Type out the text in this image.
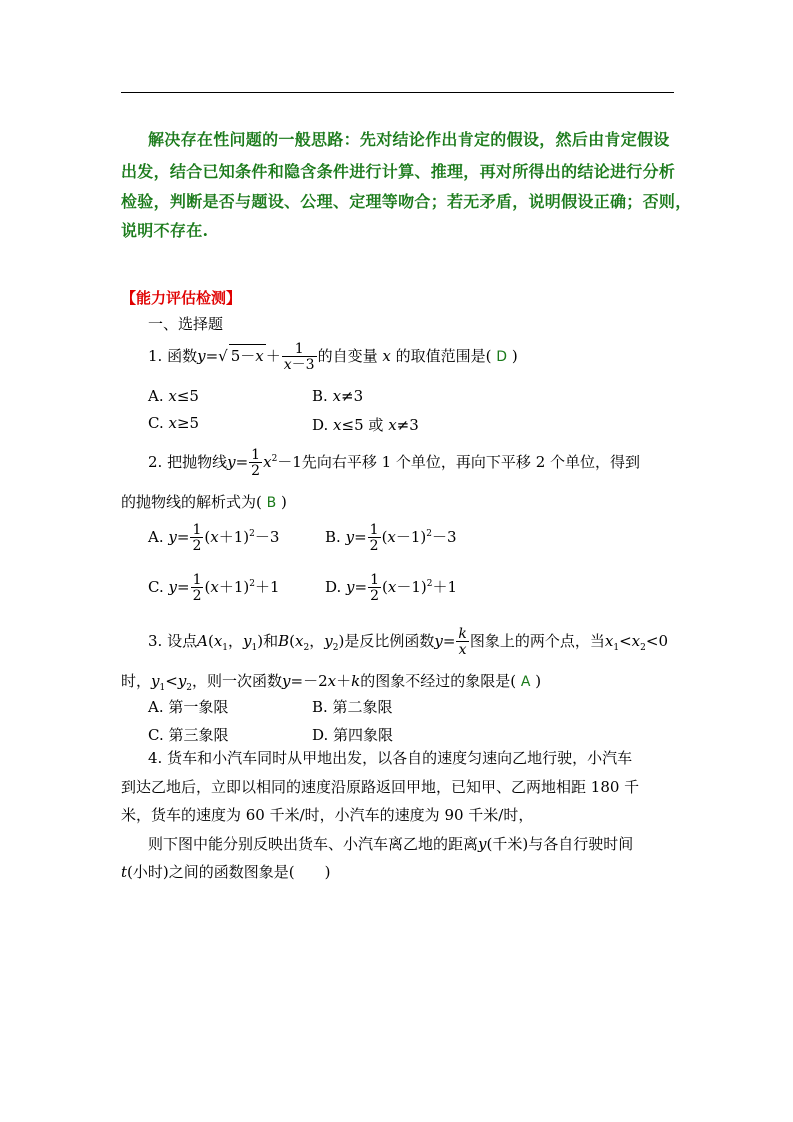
解决存在性问题的一般思路：先对结论作出肯定的假设，然后由肯定假设
出发，结合已知条件和隐含条件进行计算、推理，再对所得出的结论进行分析
检验，判断是否与题设、公理、定理等吻合；若无矛盾，说明假设正确；否则，
说明不存在.
【能力评估检测】
一、选择题
1. 函数y=√ $5-x + \frac{1}{x-3}$ 的自变量 x 的取值范围是( D )
A. x≤5	B. x≠3
C. x≥5	D. x≤5 或 x≠3
2. 把抛物线$y= \frac{1}{2} x^2-1$先向右平移 1 个单位，再向下平移 2 个单位，得到
的抛物线的解析式为( B )
A. $y= \frac{1}{2} (x+1)^2-3$	B. $y= \frac{1}{2} (x-1)^2-3$
C. $y= \frac{1}{2} (x+1)^2+1$	D. $y= \frac{1}{2} (x-1)^2+1$
3. 设点$A(x_1$，$y_1$)和$B(x_2$，$y_2$)是反比例函数$y= \frac{k}{x}$ 图象上的两个点，当$x_1<x_2<0$
时，$y_1<y_2$，则一次函数y=－2x＋k的图象不经过的象限是( A )
A. 第一象限	B. 第二象限
C. 第三象限	D. 第四象限
4. 货车和小汽车同时从甲地出发，以各自的速度匀速向乙地行驶，小汽车
到达乙地后，立即以相同的速度沿原路返回甲地，已知甲、乙两地相距 180 千
米，货车的速度为 60 千米/时，小汽车的速度为 90 千米/时，
则下图中能分别反映出货车、小汽车离乙地的距离y(千米)与各自行驶时间
t(小时)之间的函数图象是(　　)
